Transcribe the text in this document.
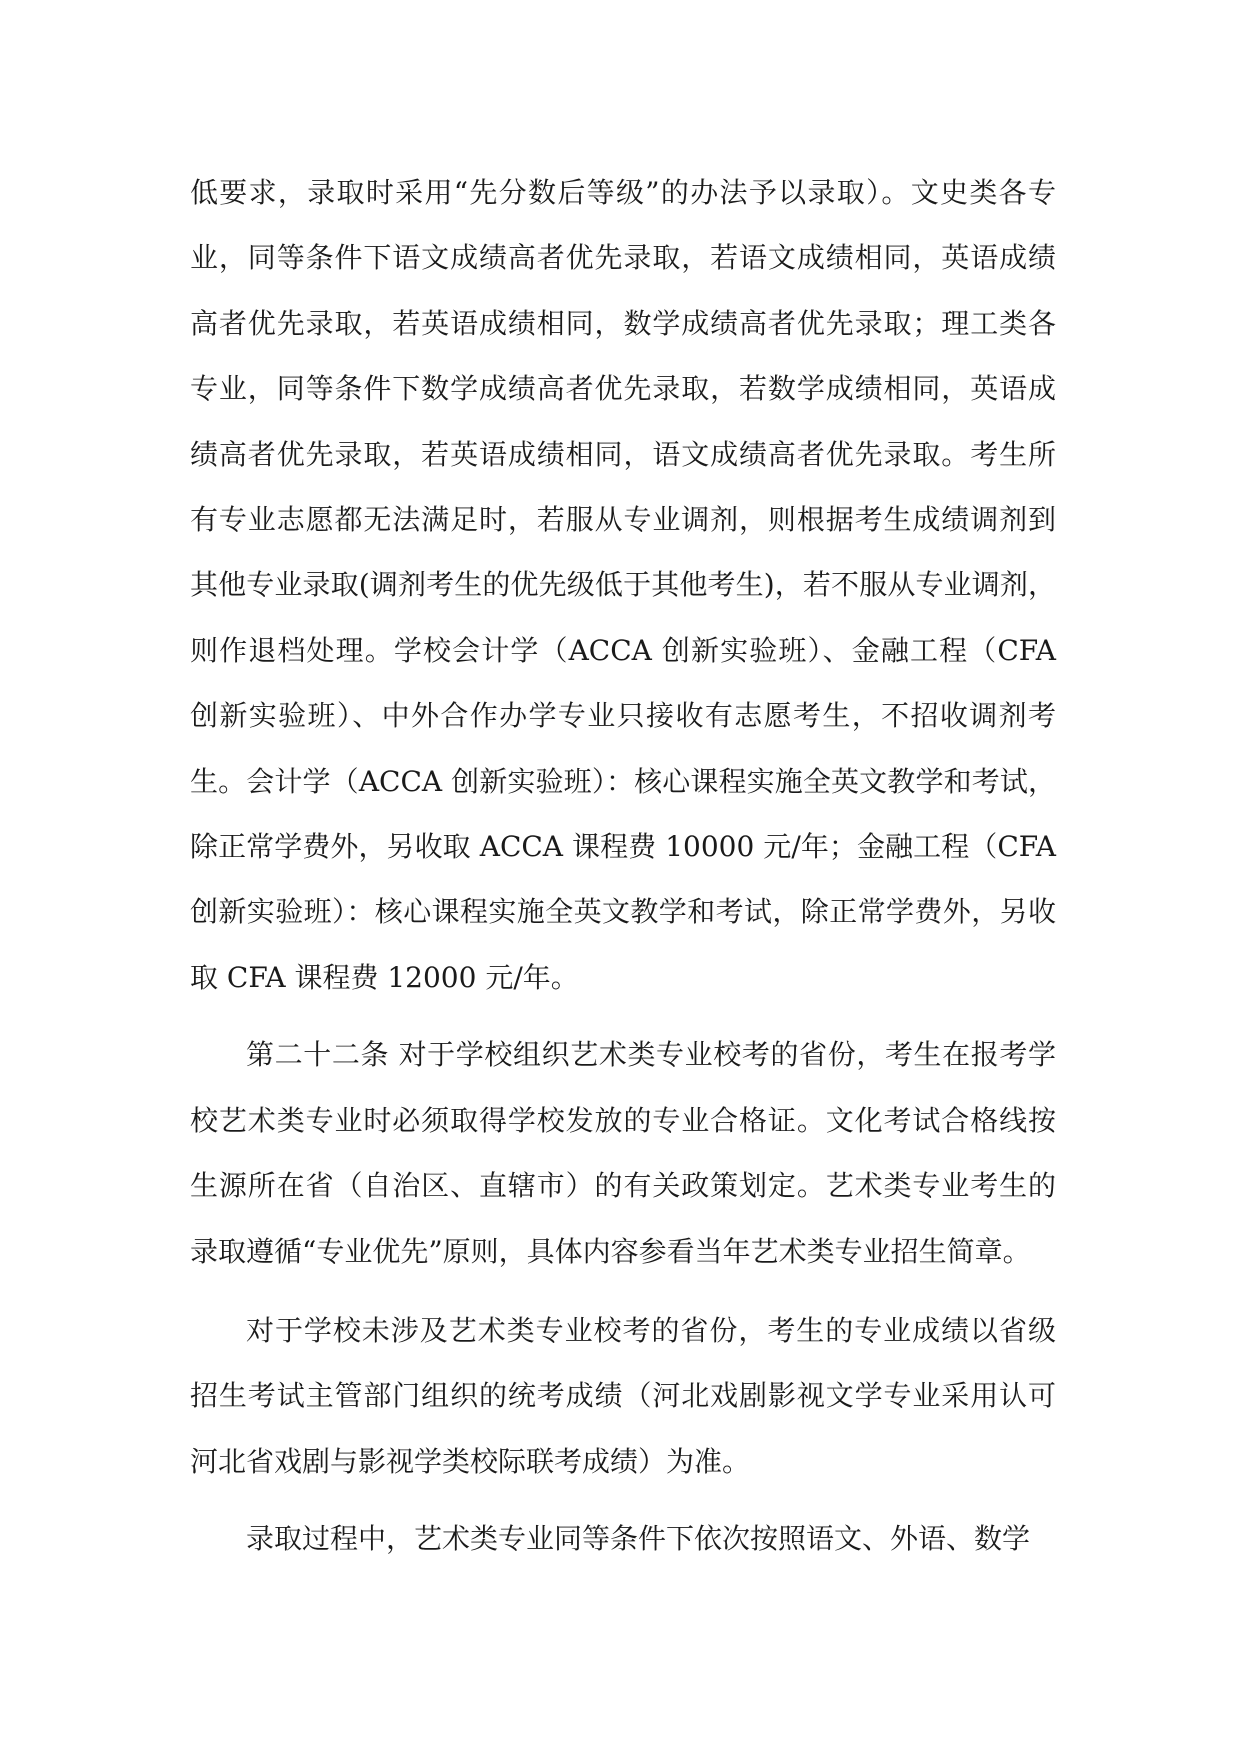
低要求，录取时采用“先分数后等级”的办法予以录取）。文史类各专业，同等条件下语文成绩高者优先录取，若语文成绩相同，英语成绩高者优先录取，若英语成绩相同，数学成绩高者优先录取；理工类各专业，同等条件下数学成绩高者优先录取，若数学成绩相同，英语成绩高者优先录取，若英语成绩相同，语文成绩高者优先录取。考生所有专业志愿都无法满足时，若服从专业调剂，则根据考生成绩调剂到其他专业录取(调剂考生的优先级低于其他考生)，若不服从专业调剂，则作退档处理。学校会计学（ACCA 创新实验班）、金融工程（CFA 创新实验班）、中外合作办学专业只接收有志愿考生，不招收调剂考生。会计学（ACCA 创新实验班）：核心课程实施全英文教学和考试，除正常学费外，另收取 ACCA 课程费 10000 元/年；金融工程（CFA 创新实验班）：核心课程实施全英文教学和考试，除正常学费外，另收取 CFA 课程费 12000 元/年。

第二十二条 对于学校组织艺术类专业校考的省份，考生在报考学校艺术类专业时必须取得学校发放的专业合格证。文化考试合格线按生源所在省（自治区、直辖市）的有关政策划定。艺术类专业考生的录取遵循“专业优先”原则，具体内容参看当年艺术类专业招生简章。

对于学校未涉及艺术类专业校考的省份，考生的专业成绩以省级招生考试主管部门组织的统考成绩（河北戏剧影视文学专业采用认可河北省戏剧与影视学类校际联考成绩）为准。

录取过程中，艺术类专业同等条件下依次按照语文、外语、数学
